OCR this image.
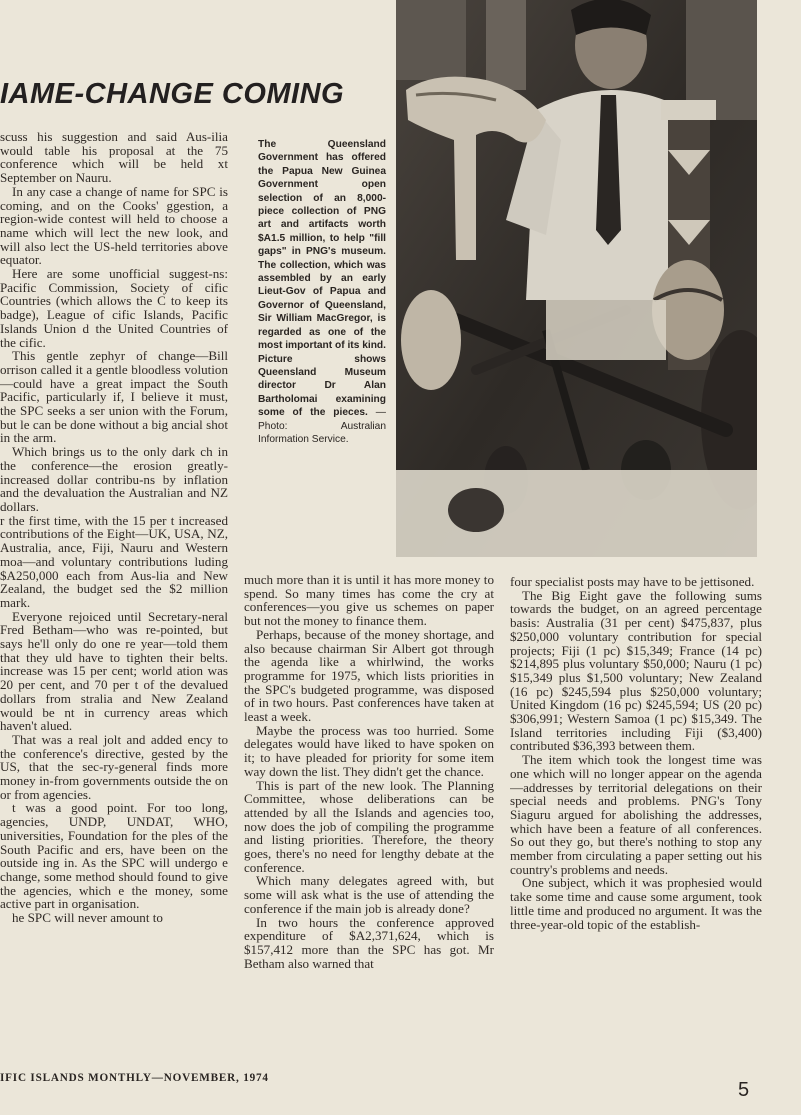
IAME-CHANGE COMING

scuss his suggestion and said Aus-ilia would table his proposal at the 75 conference which will be held xt September on Nauru.

In any case a change of name for SPC is coming, and on the Cooks' ggestion, a region-wide contest will held to choose a name which will lect the new look, and will also lect the US-held territories above equator.

Here are some unofficial suggest-ns: Pacific Commission, Society of cific Countries (which allows the C to keep its badge), League of cific Islands, Pacific Islands Union d the United Countries of the cific.

This gentle zephyr of change—Bill orrison called it a gentle bloodless volution—could have a great impact the South Pacific, particularly if, I believe it must, the SPC seeks a ser union with the Forum, but le can be done without a big ancial shot in the arm.

Which brings us to the only dark ch in the conference—the erosion greatly-increased dollar contribu-ns by inflation and the devaluation the Australian and NZ dollars.

r the first time, with the 15 per t increased contributions of the Eight—UK, USA, NZ, Australia, ance, Fiji, Nauru and Western moa—and voluntary contributions luding $A250,000 each from Aus-lia and New Zealand, the budget sed the $2 million mark.

Everyone rejoiced until Secretary-neral Fred Betham—who was re-pointed, but says he'll only do one re year—told them that they uld have to tighten their belts. increase was 15 per cent; world ation was 20 per cent, and 70 per t of the devalued dollars from stralia and New Zealand would be nt in currency areas which haven't alued.

That was a real jolt and added ency to the conference's directive, gested by the US, that the sec-ry-general finds more money in-from governments outside the on or from agencies.

t was a good point. For too long, agencies, UNDP, UNDAT, WHO, universities, Foundation for the ples of the South Pacific and ers, have been on the outside ing in. As the SPC will undergo e change, some method should found to give the agencies, which e the money, some active part in organisation.

he SPC will never amount to

The Queensland Government has offered the Papua New Guinea Government open selection of an 8,000-piece collection of PNG art and artifacts worth $A1.5 million, to help "fill gaps" in PNG's museum. The collection, which was assembled by an early Lieut-Gov of Papua and Governor of Queensland, Sir William MacGregor, is regarded as one of the most important of its kind. Picture shows Queensland Museum director Dr Alan Bartholomai examining some of the pieces. — Photo: Australian Information Service.

much more than it is until it has more money to spend. So many times has come the cry at conferences—you give us schemes on paper but not the money to finance them.

Perhaps, because of the money shortage, and also because chairman Sir Albert got through the agenda like a whirlwind, the works programme for 1975, which lists priorities in the SPC's budgeted programme, was disposed of in two hours. Past conferences have taken at least a week.

Maybe the process was too hurried. Some delegates would have liked to have spoken on it; to have pleaded for priority for some item way down the list. They didn't get the chance.

This is part of the new look. The Planning Committee, whose deliberations can be attended by all the Islands and agencies too, now does the job of compiling the programme and listing priorities. Therefore, the theory goes, there's no need for lengthy debate at the conference.

Which many delegates agreed with, but some will ask what is the use of attending the conference if the main job is already done?

In two hours the conference approved expenditure of $A2,371,624, which is $157,412 more than the SPC has got. Mr Betham also warned that

four specialist posts may have to be jettisoned.

The Big Eight gave the following sums towards the budget, on an agreed percentage basis: Australia (31 per cent) $475,837, plus $250,000 voluntary contribution for special projects; Fiji (1 pc) $15,349; France (14 pc) $214,895 plus voluntary $50,000; Nauru (1 pc) $15,349 plus $1,500 voluntary; New Zealand (16 pc) $245,594 plus $250,000 voluntary; United Kingdom (16 pc) $245,594; US (20 pc) $306,991; Western Samoa (1 pc) $15,349. The Island territories including Fiji ($3,400) contributed $36,393 between them.

The item which took the longest time was one which will no longer appear on the agenda—addresses by territorial delegations on their special needs and problems. PNG's Tony Siaguru argued for abolishing the addresses, which have been a feature of all conferences. So out they go, but there's nothing to stop any member from circulating a paper setting out his country's problems and needs.

One subject, which it was prophesied would take some time and cause some argument, took little time and produced no argument. It was the three-year-old topic of the establish-

IFIC ISLANDS MONTHLY—NOVEMBER, 1974
5
